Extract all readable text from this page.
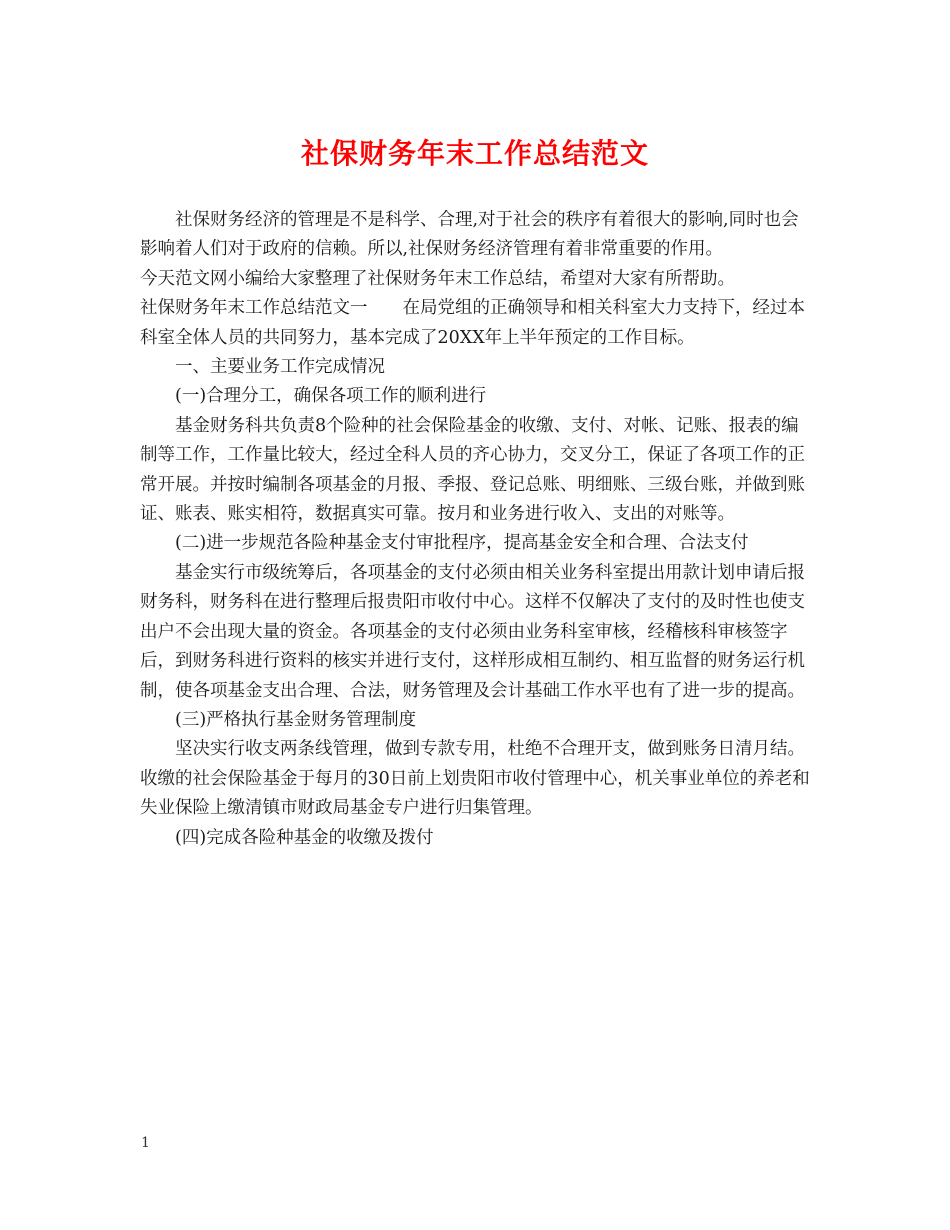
社保财务年末工作总结范文

社保财务经济的管理是不是科学、合理,对于社会的秩序有着很大的影响,同时也会影响着人们对于政府的信赖。所以,社保财务经济管理有着非常重要的作用。

今天范文网小编给大家整理了社保财务年末工作总结，希望对大家有所帮助。

社保财务年末工作总结范文一　　在局党组的正确领导和相关科室大力支持下，经过本科室全体人员的共同努力，基本完成了20XX年上半年预定的工作目标。

一、主要业务工作完成情况

(一)合理分工，确保各项工作的顺利进行

基金财务科共负责8个险种的社会保险基金的收缴、支付、对帐、记账、报表的编制等工作，工作量比较大，经过全科人员的齐心协力，交叉分工，保证了各项工作的正常开展。并按时编制各项基金的月报、季报、登记总账、明细账、三级台账，并做到账证、账表、账实相符，数据真实可靠。按月和业务进行收入、支出的对账等。

(二)进一步规范各险种基金支付审批程序，提高基金安全和合理、合法支付

基金实行市级统筹后，各项基金的支付必须由相关业务科室提出用款计划申请后报财务科，财务科在进行整理后报贵阳市收付中心。这样不仅解决了支付的及时性也使支出户不会出现大量的资金。各项基金的支付必须由业务科室审核，经稽核科审核签字后，到财务科进行资料的核实并进行支付，这样形成相互制约、相互监督的财务运行机制，使各项基金支出合理、合法，财务管理及会计基础工作水平也有了进一步的提高。

(三)严格执行基金财务管理制度

坚决实行收支两条线管理，做到专款专用，杜绝不合理开支，做到账务日清月结。收缴的社会保险基金于每月的30日前上划贵阳市收付管理中心，机关事业单位的养老和失业保险上缴清镇市财政局基金专户进行归集管理。

(四)完成各险种基金的收缴及拨付

1
